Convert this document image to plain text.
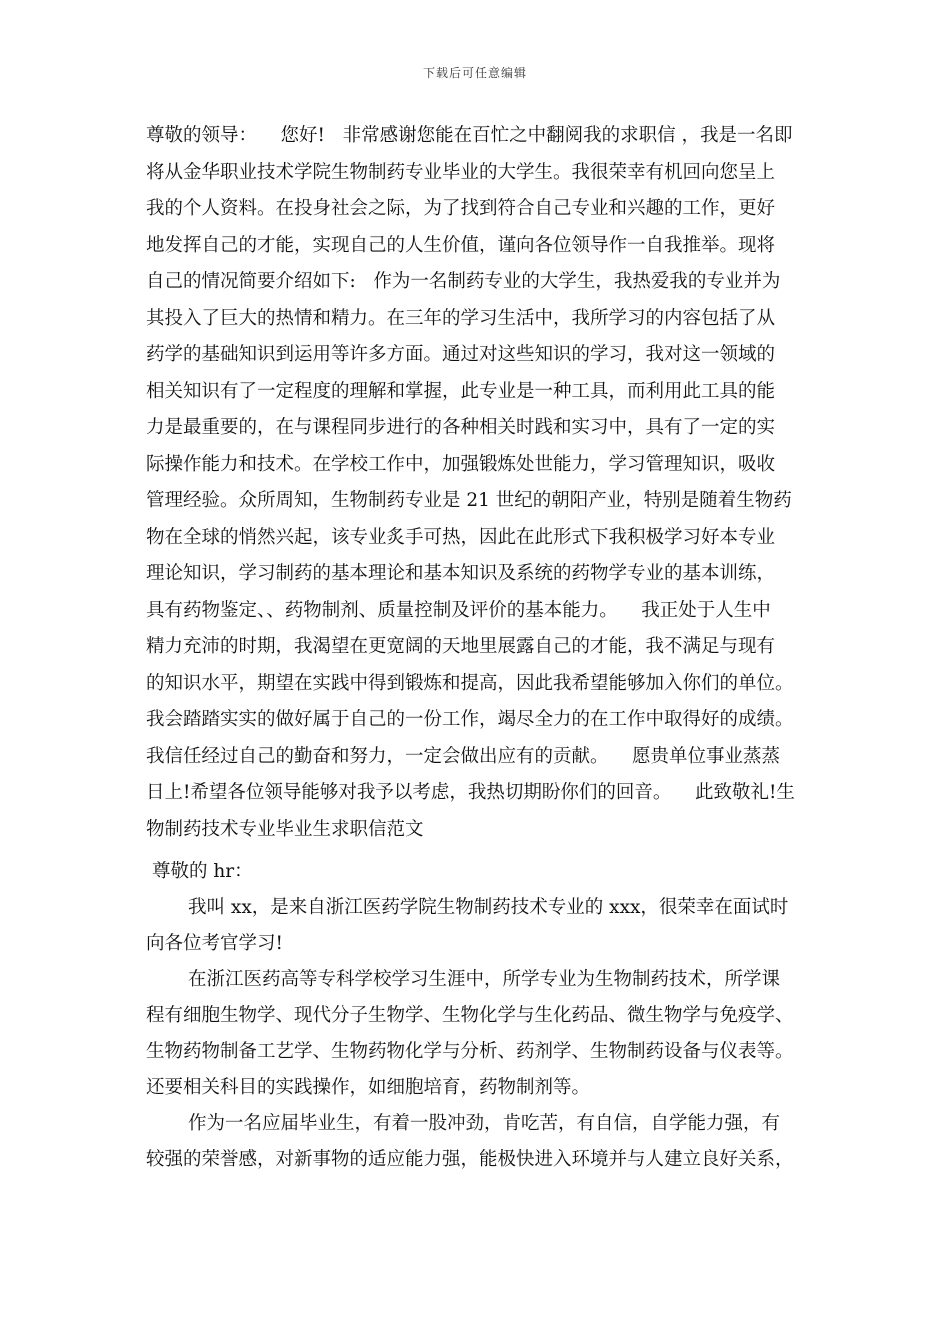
下载后可任意编辑
尊敬的领导：    您好!   非常感谢您能在百忙之中翻阅我的求职信 ，我是一名即
将从金华职业技术学院生物制药专业毕业的大学生。我很荣幸有机回向您呈上
我的个人资料。在投身社会之际，为了找到符合自己专业和兴趣的工作，更好
地发挥自己的才能，实现自己的人生价值，谨向各位领导作一自我推举。现将
自己的情况简要介绍如下:   作为一名制药专业的大学生，我热爱我的专业并为
其投入了巨大的热情和精力。在三年的学习生活中，我所学习的内容包括了从
药学的基础知识到运用等许多方面。通过对这些知识的学习，我对这一领域的
相关知识有了一定程度的理解和掌握，此专业是一种工具，而利用此工具的能
力是最重要的，在与课程同步进行的各种相关时践和实习中，具有了一定的实
际操作能力和技术。在学校工作中，加强锻炼处世能力，学习管理知识，吸收
管理经验。众所周知，生物制药专业是 21 世纪的朝阳产业，特别是随着生物药
物在全球的悄然兴起，该专业炙手可热，因此在此形式下我积极学习好本专业
理论知识，学习制药的基本理论和基本知识及系统的药物学专业的基本训练，
具有药物鉴定、、药物制剂、质量控制及评价的基本能力。    我正处于人生中
精力充沛的时期，我渴望在更宽阔的天地里展露自己的才能，我不满足与现有
的知识水平，期望在实践中得到锻炼和提高，因此我希望能够加入你们的单位。
我会踏踏实实的做好属于自己的一份工作，竭尽全力的在工作中取得好的成绩。
我信任经过自己的勤奋和努力，一定会做出应有的贡献。    愿贵单位事业蒸蒸
日上!希望各位领导能够对我予以考虑，我热切期盼你们的回音。    此致敬礼!生
物制药技术专业毕业生求职信范文
尊敬的 hr：
我叫 xx，是来自浙江医药学院生物制药技术专业的 xxx，很荣幸在面试时
向各位考官学习!
在浙江医药高等专科学校学习生涯中，所学专业为生物制药技术，所学课
程有细胞生物学、现代分子生物学、生物化学与生化药品、微生物学与免疫学、
生物药物制备工艺学、生物药物化学与分析、药剂学、生物制药设备与仪表等。
还要相关科目的实践操作，如细胞培育，药物制剂等。
作为一名应届毕业生，有着一股冲劲，肯吃苦，有自信，自学能力强，有
较强的荣誉感，对新事物的适应能力强，能极快进入环境并与人建立良好关系，
